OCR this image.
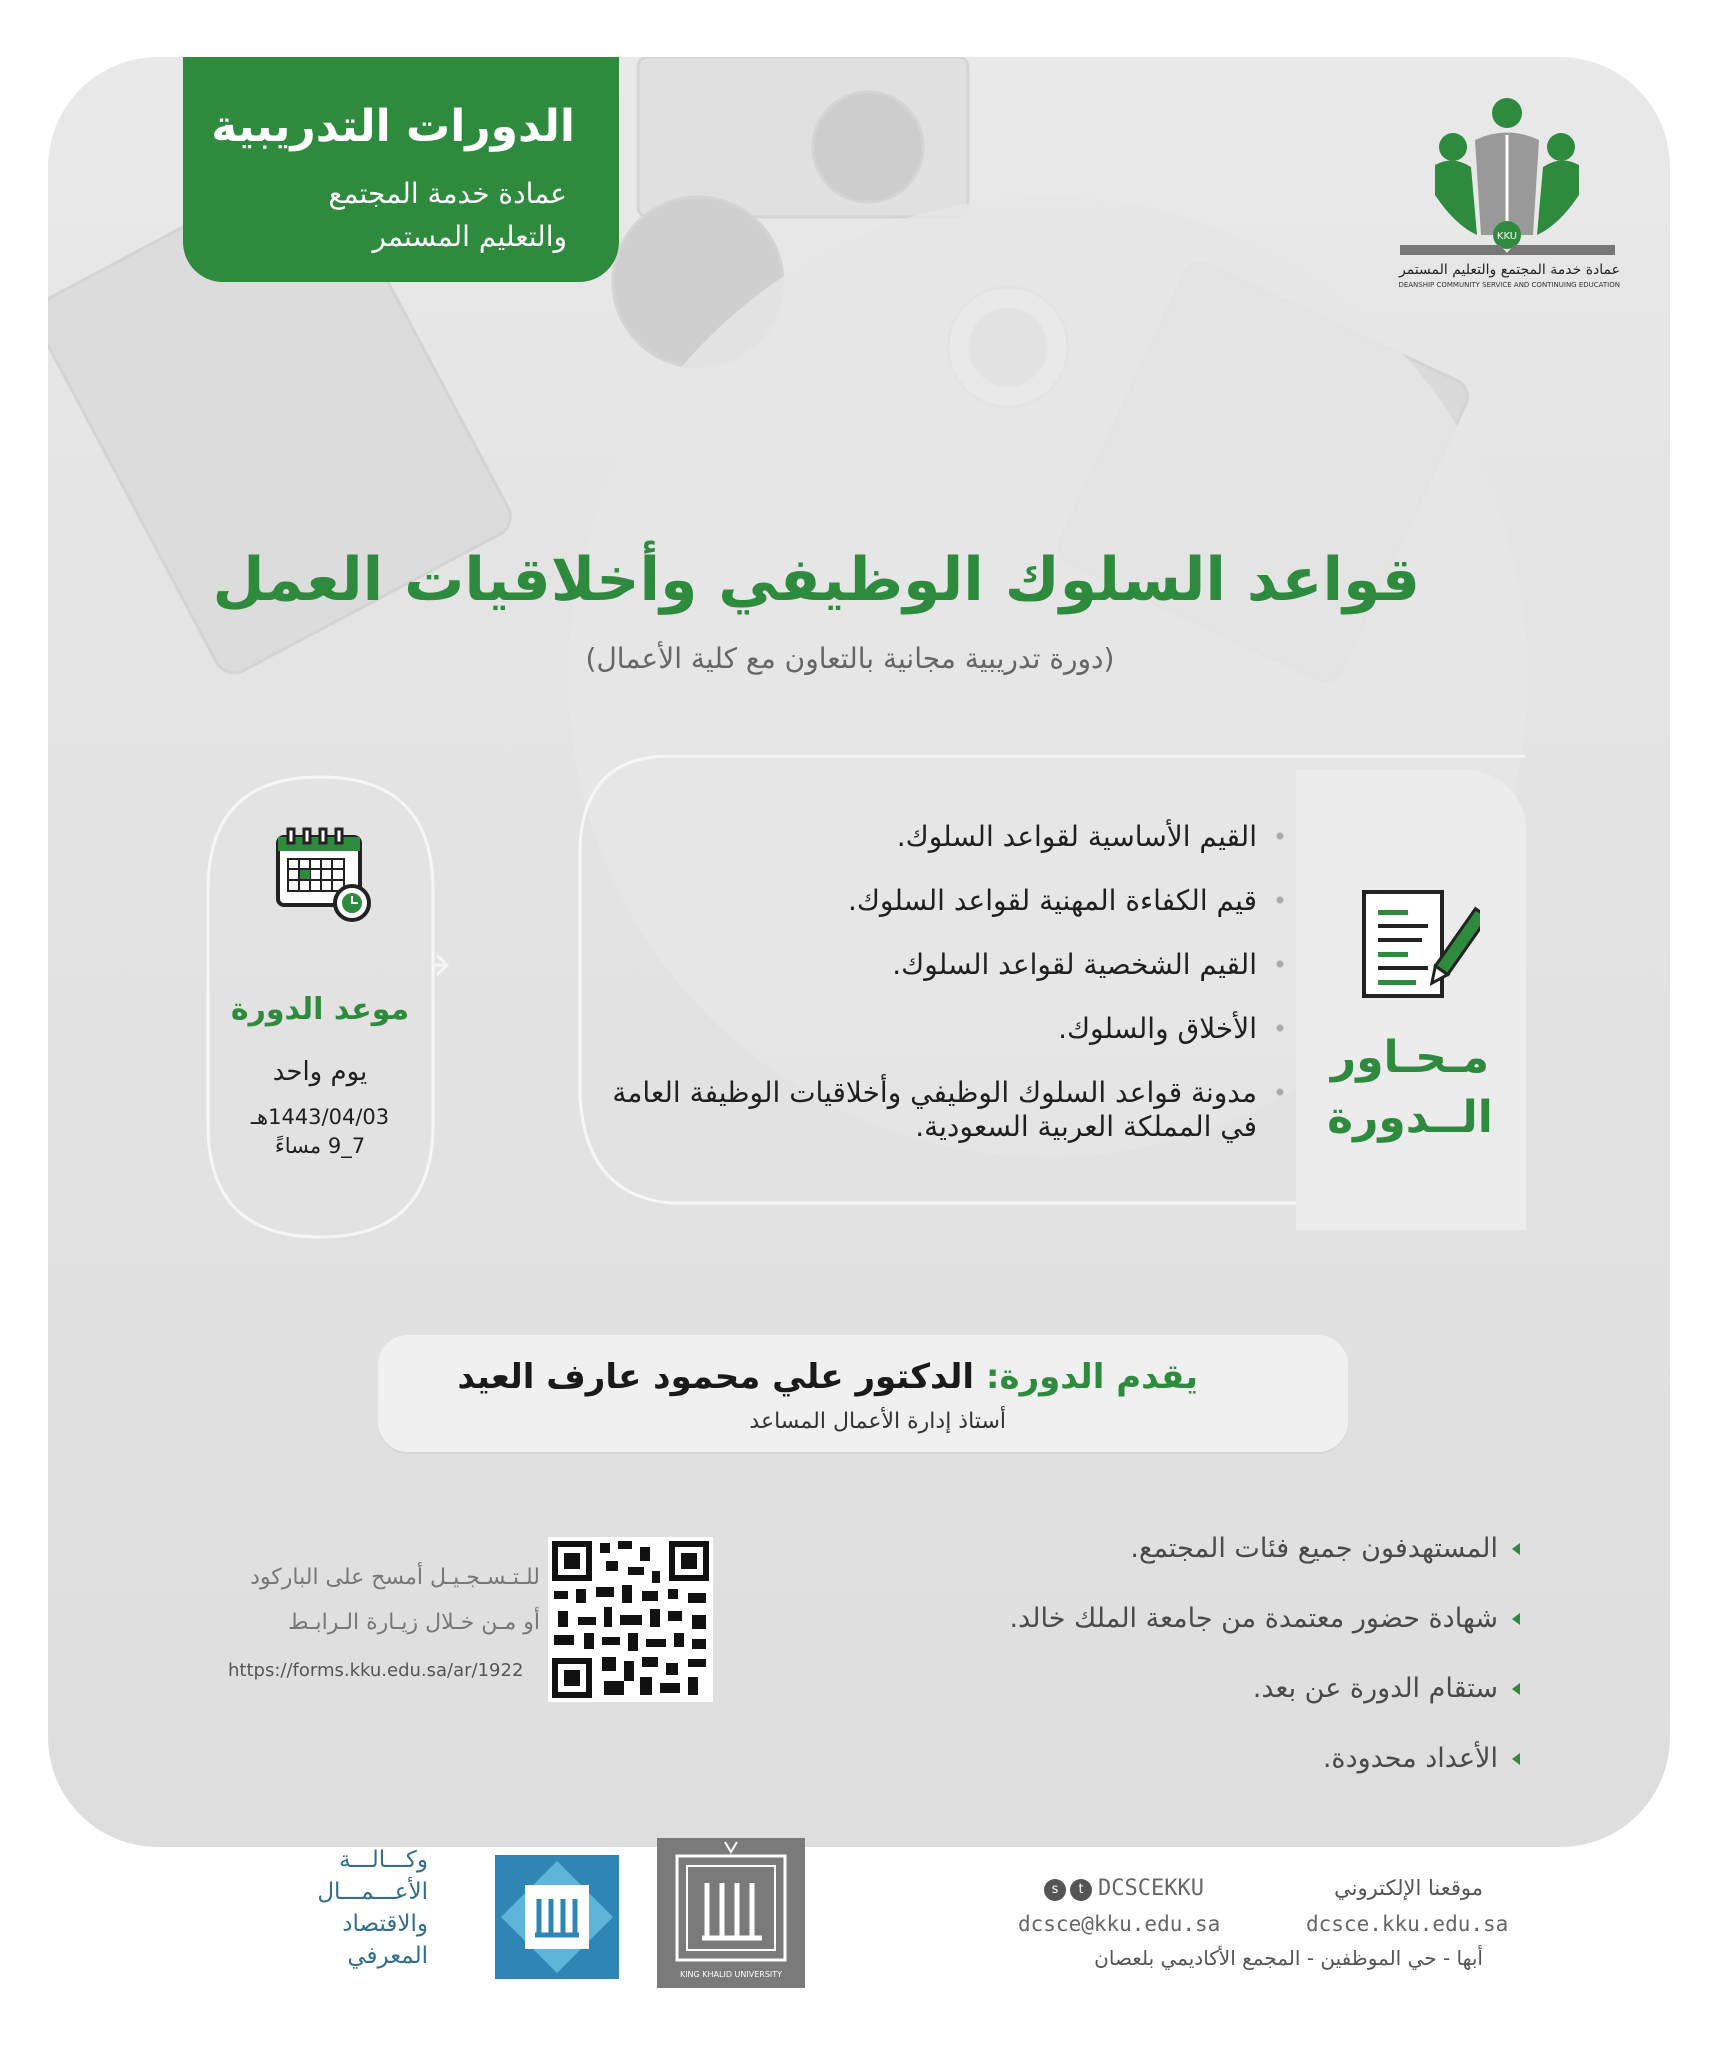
الدورات التدريبية
عمادة خدمة المجتمع
والتعليم المستمر	KKU
عمادة خدمة المجتمع والتعليم المستمر
DEANSHIP COMMUNITY SERVICE AND CONTINUING EDUCATION
قواعد السلوك الوظيفي وأخلاقيات العمل
(دورة تدريبية مجانية بالتعاون مع كلية الأعمال)
مـحـاور
الــدورة
• القيم الأساسية لقواعد السلوك.
• قيم الكفاءة المهنية لقواعد السلوك.
• القيم الشخصية لقواعد السلوك.
• الأخلاق والسلوك.
• مدونة قواعد السلوك الوظيفي وأخلاقيات الوظيفة العامة
في المملكة العربية السعودية.
موعد الدورة
يوم واحد
1443/04/03هـ
7_9 مساءً
يقدم الدورة: الدكتور علي محمود عارف العيد
أستاذ إدارة الأعمال المساعد
المستهدفون جميع فئات المجتمع.
شهادة حضور معتمدة من جامعة الملك خالد.
ستقام الدورة عن بعد.
الأعداد محدودة.
للـتـسـجـيـل أمسح على الباركود
أو مـن خـلال زيـارة الـرابـط
https://forms.kku.edu.sa/ar/1922
موقعنا الإلكتروني
dcsce.kku.edu.sa
t
s	DCSCEKKU
dcsce@kku.edu.sa
أبها - حي الموظفين - المجمع الأكاديمي بلعصان
KING KHALID UNIVERSITY
وكـــالـــة
الأعـــمـــال
والاقتصاد
المعرفي
